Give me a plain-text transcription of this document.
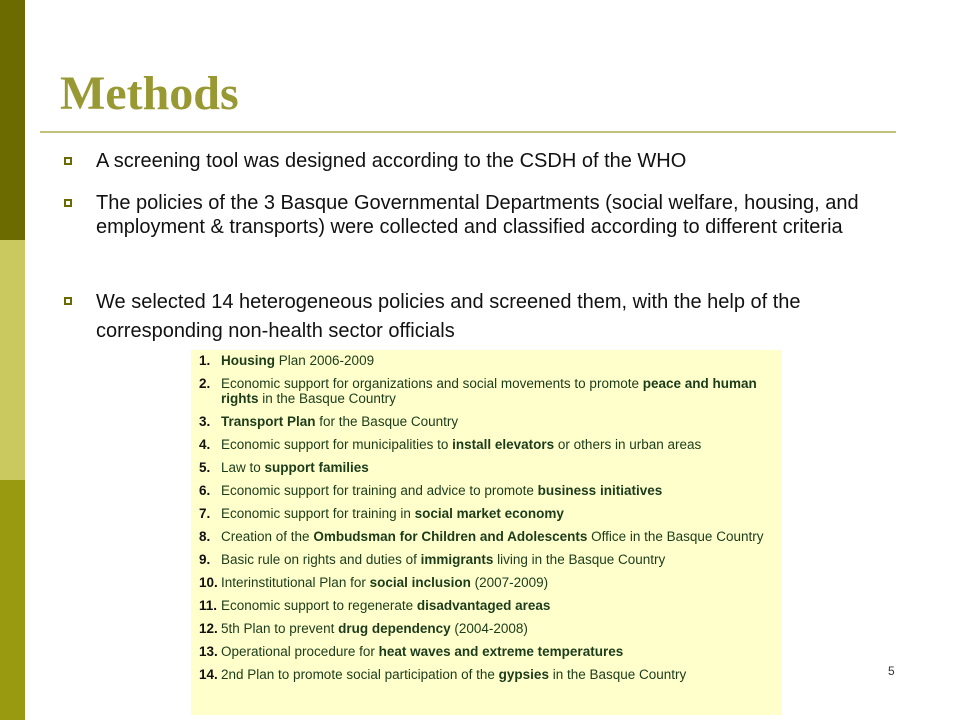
Methods
A screening tool was designed according to the CSDH of the WHO
The policies of the 3 Basque Governmental Departments (social welfare, housing, and employment & transports) were collected and classified according to different criteria
We selected 14 heterogeneous policies and screened them, with the help of the corresponding non-health sector officials
1. Housing Plan 2006-2009
2. Economic support for organizations and social movements to promote peace and human rights in the Basque Country
3. Transport Plan for the Basque Country
4. Economic support for municipalities to install elevators or others in urban areas
5. Law to support families
6. Economic support for training and advice to promote business initiatives
7. Economic support for training in social market economy
8. Creation of the Ombudsman for Children and Adolescents Office in the Basque Country
9. Basic rule on rights and duties of immigrants living in the Basque Country
10. Interinstitutional Plan for social inclusion (2007-2009)
11. Economic support to regenerate disadvantaged areas
12. 5th Plan to prevent drug dependency (2004-2008)
13. Operational procedure for heat waves and extreme temperatures
14. 2nd Plan to promote social participation of the gypsies in the Basque Country	5
